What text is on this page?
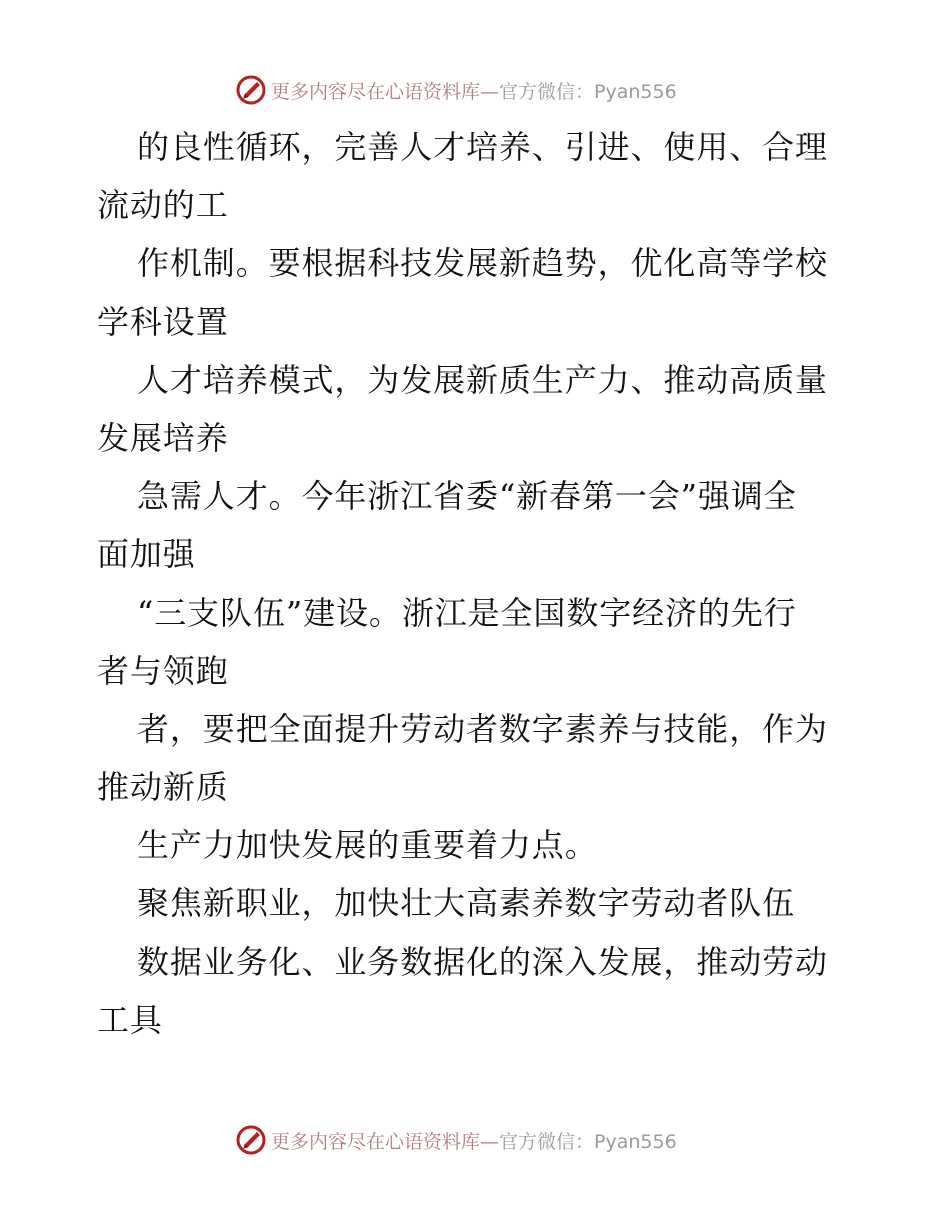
更多内容尽在心语资料库—官方微信：Pyan556
的良性循环，完善人才培养、引进、使用、合理
流动的工
作机制。要根据科技发展新趋势，优化高等学校
学科设置
人才培养模式，为发展新质生产力、推动高质量
发展培养
急需人才。今年浙江省委“新春第一会”强调全
面加强
“三支队伍”建设。浙江是全国数字经济的先行
者与领跑
者，要把全面提升劳动者数字素养与技能，作为
推动新质
生产力加快发展的重要着力点。
聚焦新职业，加快壮大高素养数字劳动者队伍
数据业务化、业务数据化的深入发展，推动劳动
工具
更多内容尽在心语资料库—官方微信：Pyan556
